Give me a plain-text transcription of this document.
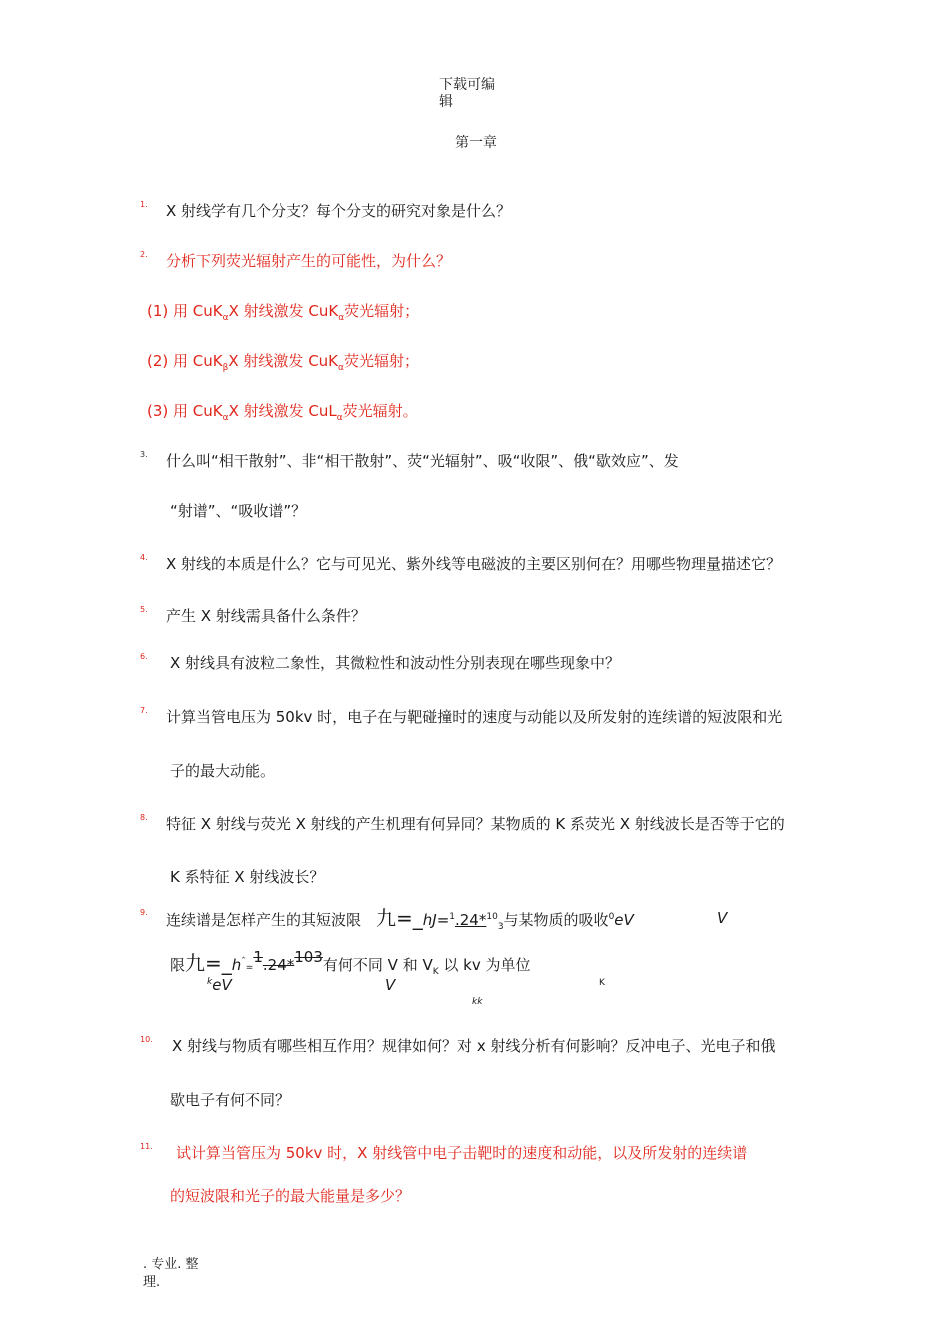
下载可编
辑
第一章
1. X 射线学有几个分支？每个分支的研究对象是什么？
2. 分析下列荧光辐射产生的可能性，为什么？
(1) 用 CuK$_\alpha$X 射线激发 CuK$_\alpha$荧光辐射；
(2) 用 CuK$_\beta$X 射线激发 CuK$_\alpha$荧光辐射；
(3) 用 CuK$_\alpha$X 射线激发 CuL$_\alpha$荧光辐射。
3. 什么叫“相干散射”、非“相干散射”、荧“光辐射”、吸“收限”、俄“歇效应”、发
“射谱”、“吸收谱”？
4. X 射线的本质是什么？它与可见光、紫外线等电磁波的主要区别何在？用哪些物理量描述它？
5. 产生 X 射线需具备什么条件？
6. X 射线具有波粒二象性，其微粒性和波动性分别表现在哪些现象中？
7. 计算当管电压为 50kv 时，电子在与靶碰撞时的速度与动能以及所发射的连续谱的短波限和光
子的最大动能。
8. 特征 X 射线与荧光 X 射线的产生机理有何异同？某物质的 K 系荧光 X 射线波长是否等于它的
K 系特征 X 射线波长？
9. 连续谱是怎样产生的其短波限 九=_hJ=$^1$.24*$^{10}_3$与某物质的吸收$^0$eV	V
限九$=\_h^ˆ=1.24*103$有何不同 V 和 $V_K$ 以 kv 为单位
$^k$eV	V
kk
K
10. X 射线与物质有哪些相互作用？规律如何？对 x 射线分析有何影响？反冲电子、光电子和俄
歇电子有何不同？
11. 试计算当管压为 50kv 时，X 射线管中电子击靶时的速度和动能，以及所发射的连续谱
的短波限和光子的最大能量是多少？
. 专业. 整
理.
